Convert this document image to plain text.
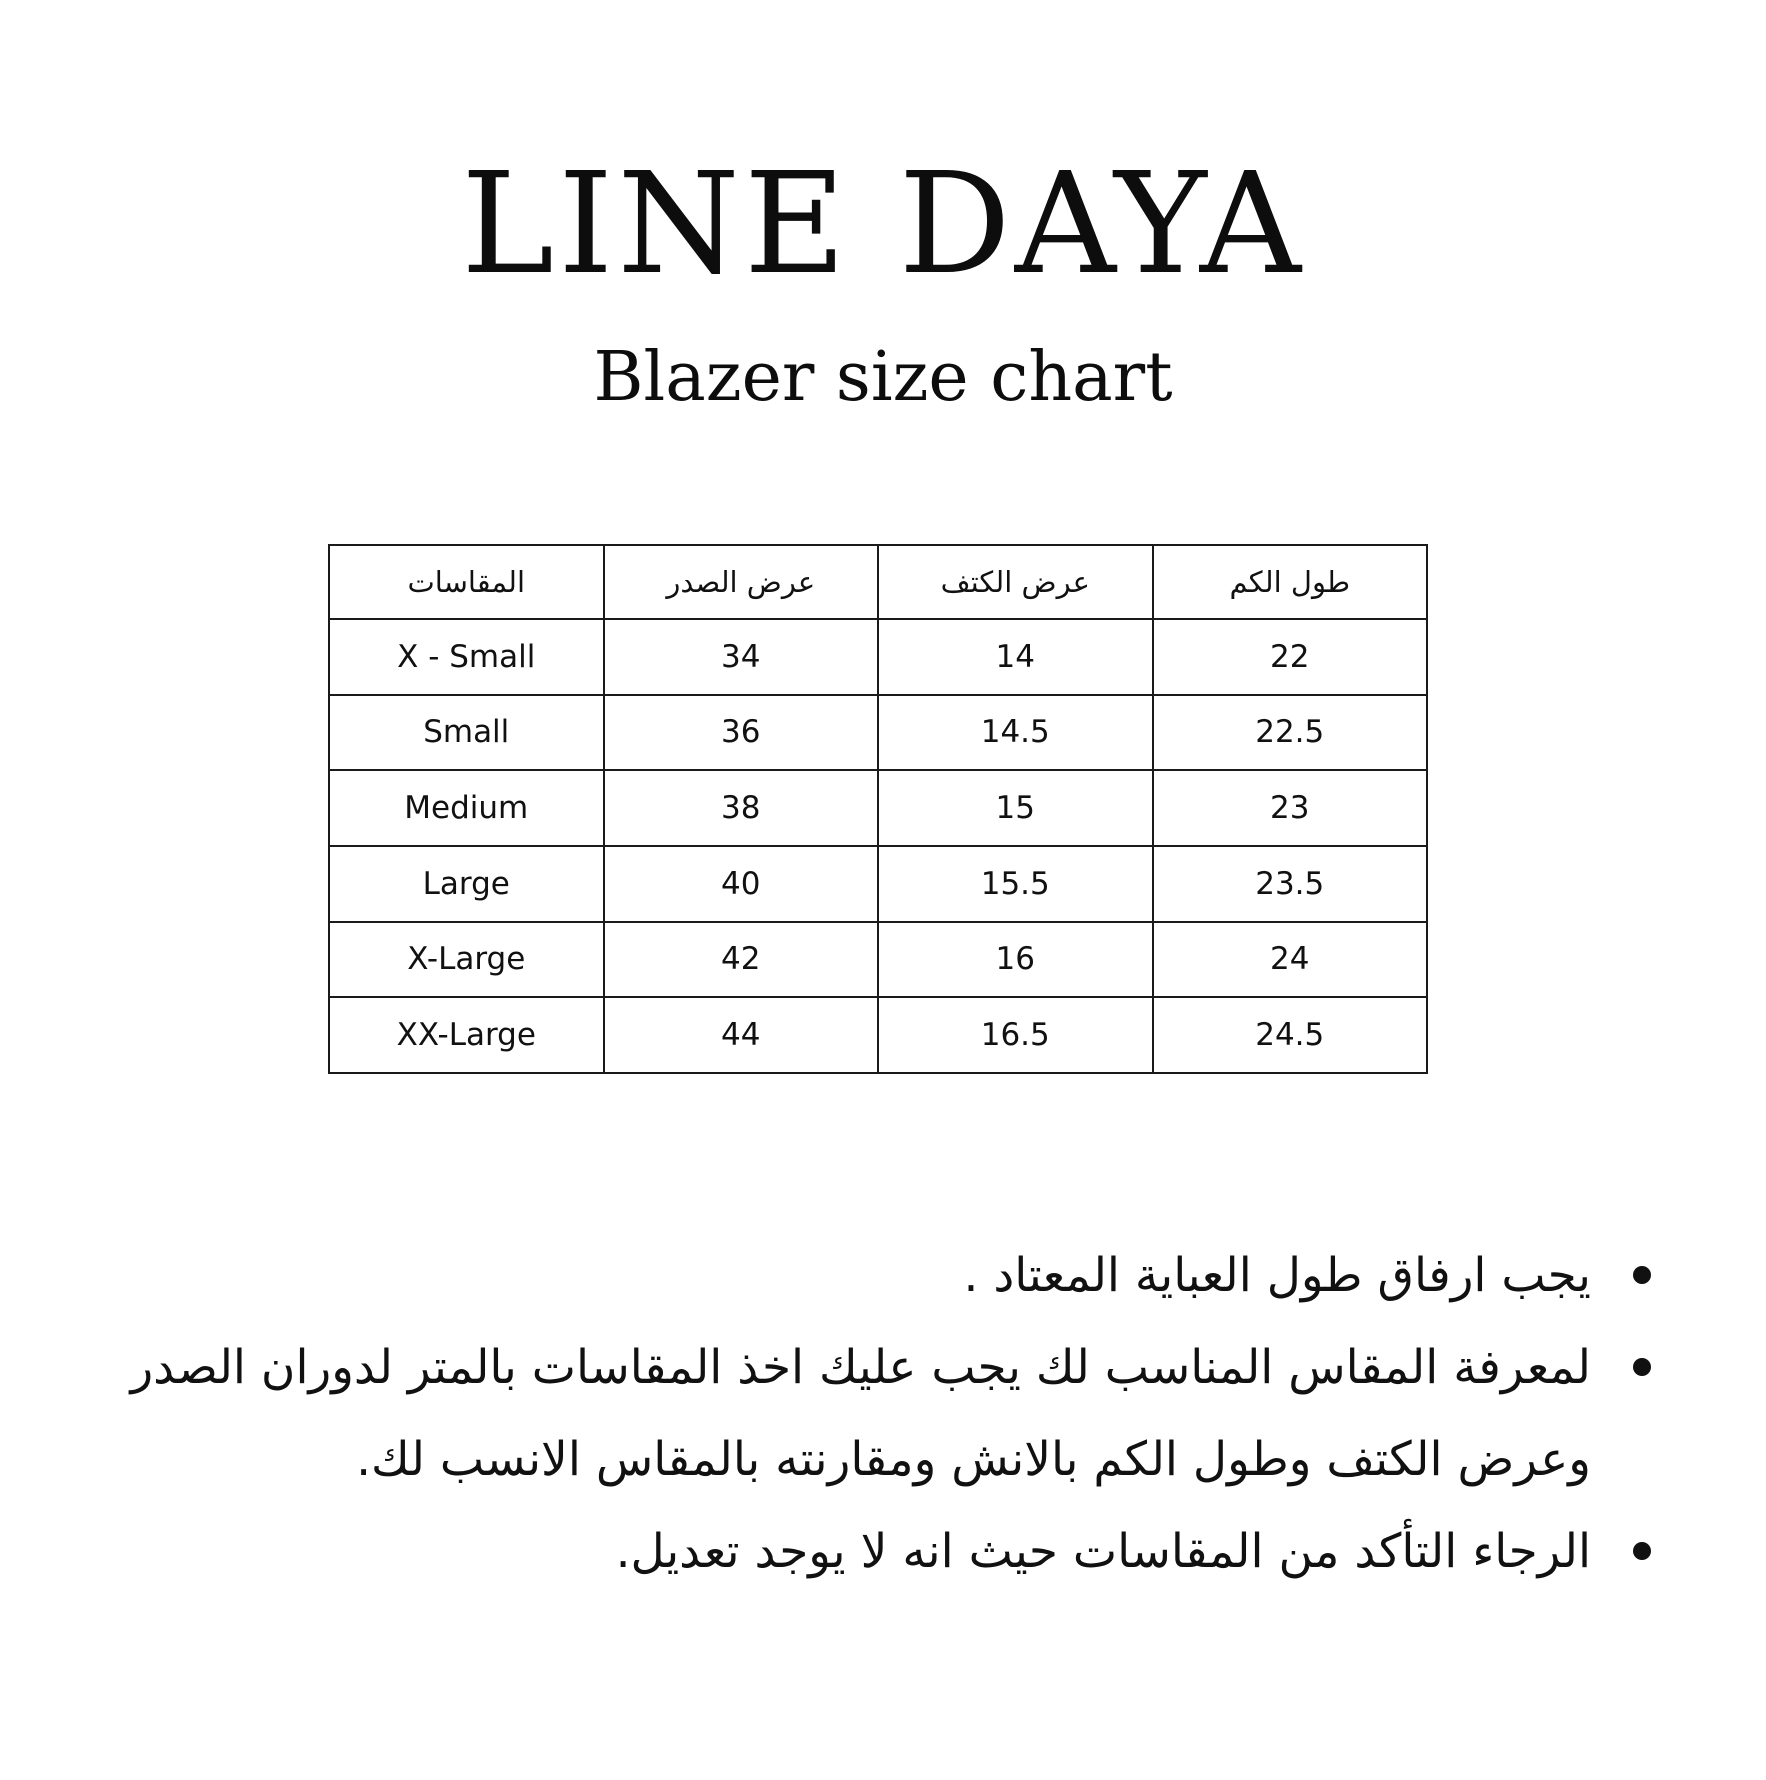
LINE DAYA
Blazer size chart
المقاسات	عرض الصدر	عرض الكتف	طول الكم
X - Small	34	14	22
Small	36	14.5	22.5
Medium	38	15	23
Large	40	15.5	23.5
X-Large	42	16	24
XX-Large	44	16.5	24.5
يجب ارفاق طول العباية المعتاد .
لمعرفة المقاس المناسب لك يجب عليك اخذ المقاسات بالمتر لدوران الصدر وعرض الكتف وطول الكم بالانش ومقارنته بالمقاس الانسب لك.
الرجاء التأكد من المقاسات حيث انه لا يوجد تعديل.
